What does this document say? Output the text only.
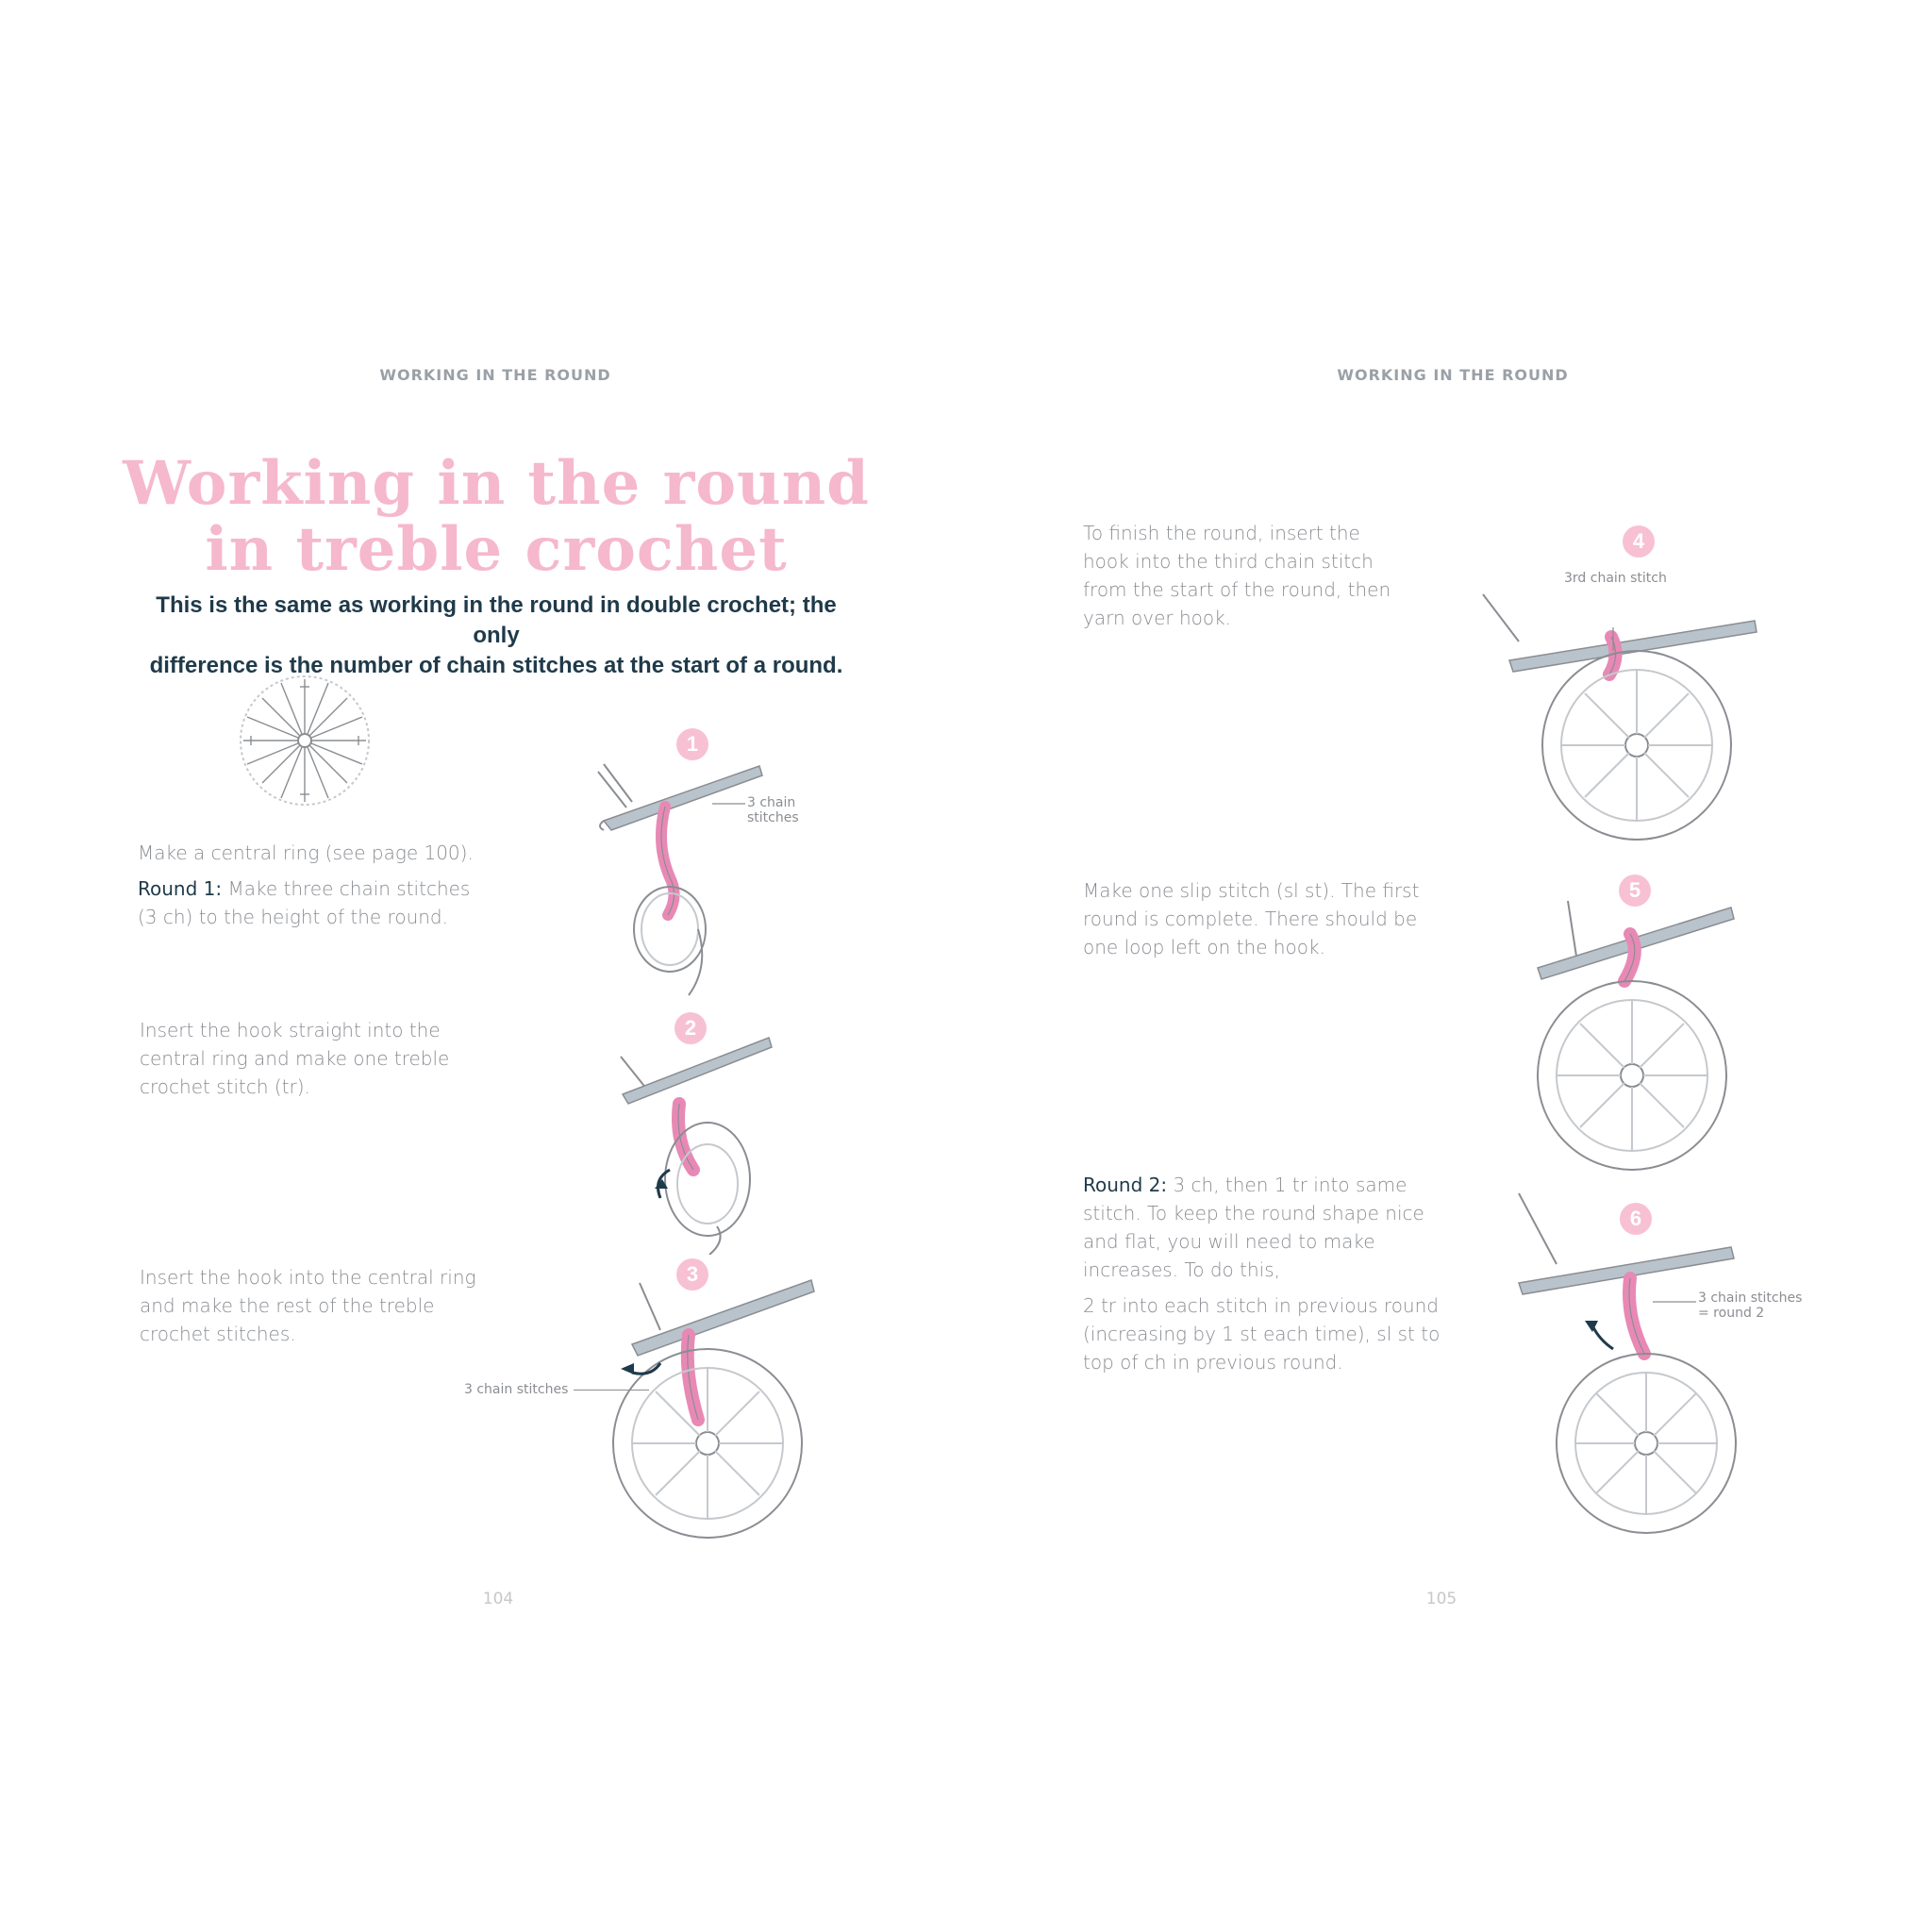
WORKING IN THE ROUND
Working in the round
in treble crochet
This is the same as working in the round in double crochet; the only
difference is the number of chain stitches at the start of a round.

Make a central ring (see page 100).

Round 1: Make three chain stitches (3 ch) to the height of the round.

Insert the hook straight into the central ring and make one treble crochet stitch (tr).
Insert the hook into the central ring and make the rest of the treble crochet stitches.
1
3 chain
stitches
2
3
3 chain stitches
104
WORKING IN THE ROUND
To finish the round, insert the hook into the third chain stitch from the start of the round, then yarn over hook.
4
3rd chain stitch
Make one slip stitch (sl st). The first round is complete. There should be one loop left on the hook.
5

Round 2: 3 ch, then 1 tr into same stitch. To keep the round shape nice and flat, you will need to make increases. To do this,

2 tr into each stitch in previous round (increasing by 1 st each time), sl st to top of ch in previous round.

6
3 chain stitches
= round 2
105
